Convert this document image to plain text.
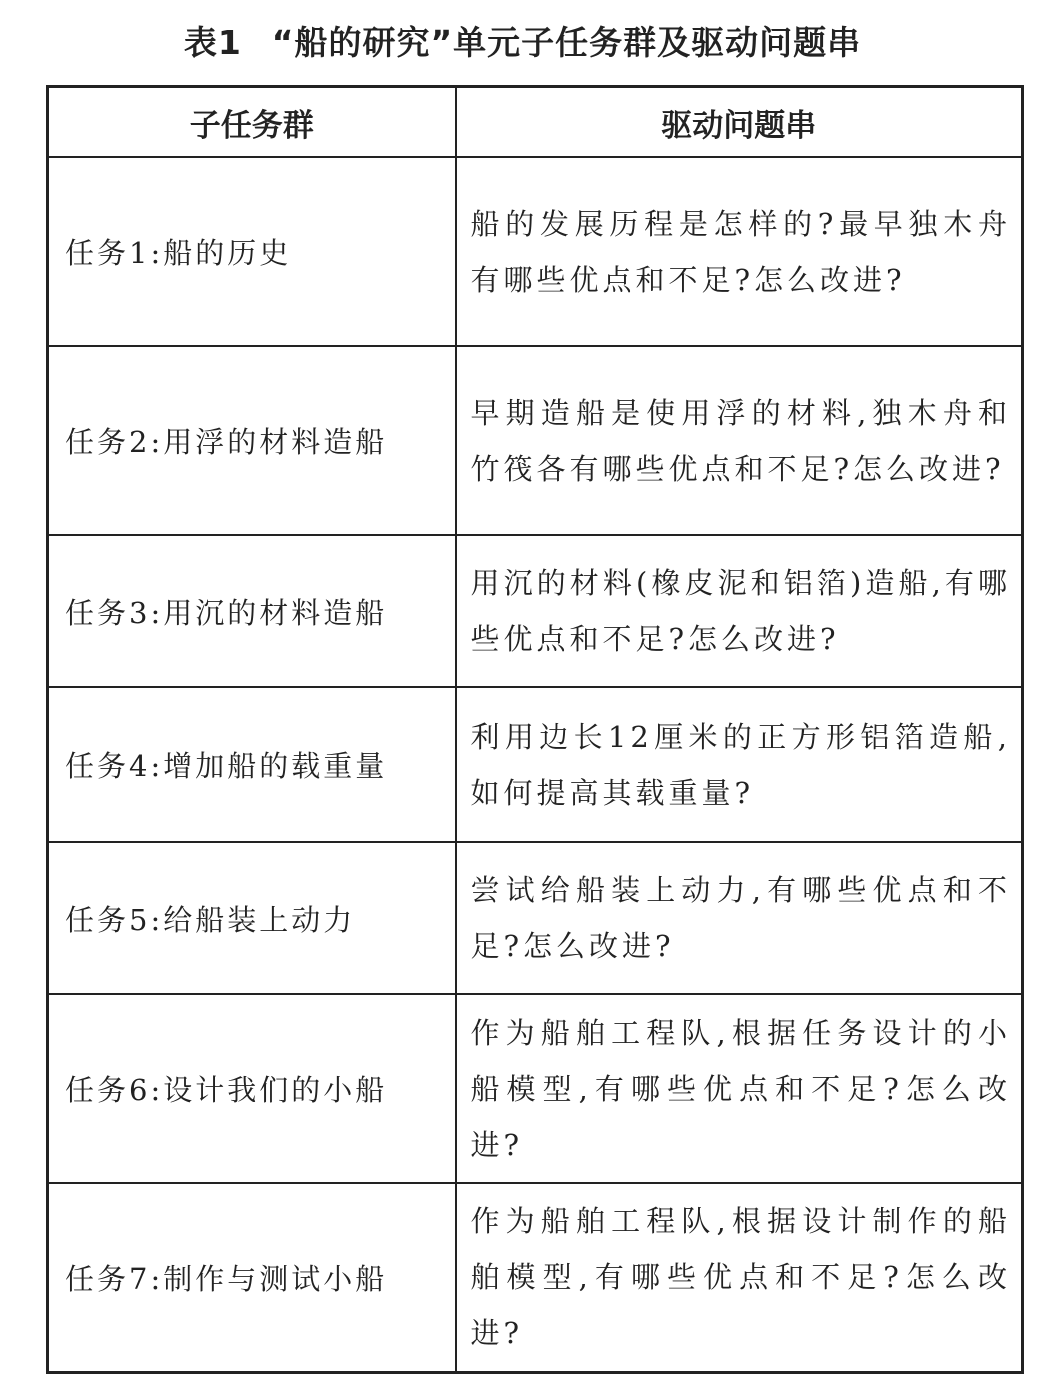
表1 “船的研究”单元子任务群及驱动问题串
子任务群	驱动问题串
任务1:船的历史	船的发展历程是怎样的?最早独木舟有哪些优点和不足?怎么改进?
任务2:用浮的材料造船	早期造船是使用浮的材料,独木舟和竹筏各有哪些优点和不足?怎么改进?
任务3:用沉的材料造船	用沉的材料(橡皮泥和铝箔)造船,有哪些优点和不足?怎么改进?
任务4:增加船的载重量	利用边长12厘米的正方形铝箔造船,如何提高其载重量?
任务5:给船装上动力	尝试给船装上动力,有哪些优点和不足?怎么改进?
任务6:设计我们的小船	作为船舶工程队,根据任务设计的小船模型,有哪些优点和不足?怎么改进?
任务7:制作与测试小船	作为船舶工程队,根据设计制作的船舶模型,有哪些优点和不足?怎么改进?
